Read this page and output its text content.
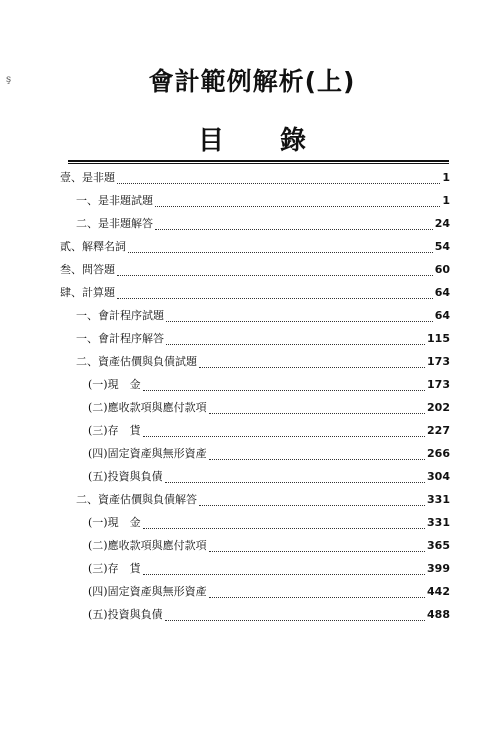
ş	會計範例解析(上)
目 錄
壹、是非題	1
一、是非題試題	1
二、是非題解答	24
貳、解釋名詞	54
叁、問答題	60
肆、計算題	64
一、會計程序試題	64
一、會計程序解答	115
二、資產估價與負債試題	173
(一)現　金	173
(二)應收款項與應付款項	202
(三)存　貨	227
(四)固定資產與無形資產	266
(五)投資與負債	304
二、資產估價與負債解答	331
(一)現　金	331
(二)應收款項與應付款項	365
(三)存　貨	399
(四)固定資產與無形資產	442
(五)投資與負債	488
